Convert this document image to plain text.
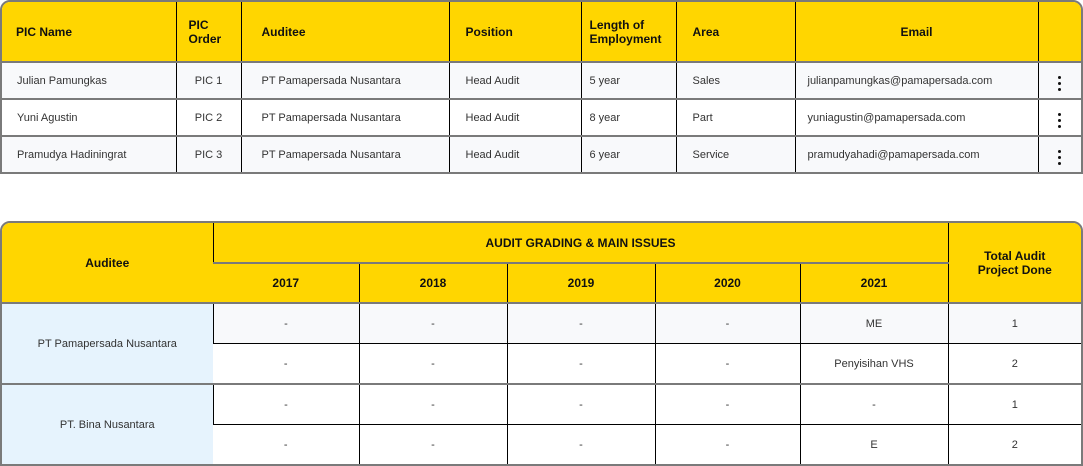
PIC Name	PIC Order	Auditee	Position	Length of Employment	Area	Email	
Julian Pamungkas	PIC 1	PT Pamapersada Nusantara	Head Audit	5 year	Sales	julianpamungkas@pamapersada.com	

Yuni Agustin	PIC 2	PT Pamapersada Nusantara	Head Audit	8 year	Part	yuniagustin@pamapersada.com	

Pramudya Hadiningrat	PIC 3	PT Pamapersada Nusantara	Head Audit	6 year	Service	pramudyahadi@pamapersada.com	
Auditee	AUDIT GRADING & MAIN ISSUES					Total Audit Project Done
	2017	2018	2019	2020	2021	
PT Pamapersada Nusantara	-	-	-	-	ME	1
	-	-	-	-	Penyisihan VHS	2
PT. Bina Nusantara	-	-	-	-	-	1
	-	-	-	-	E	2
